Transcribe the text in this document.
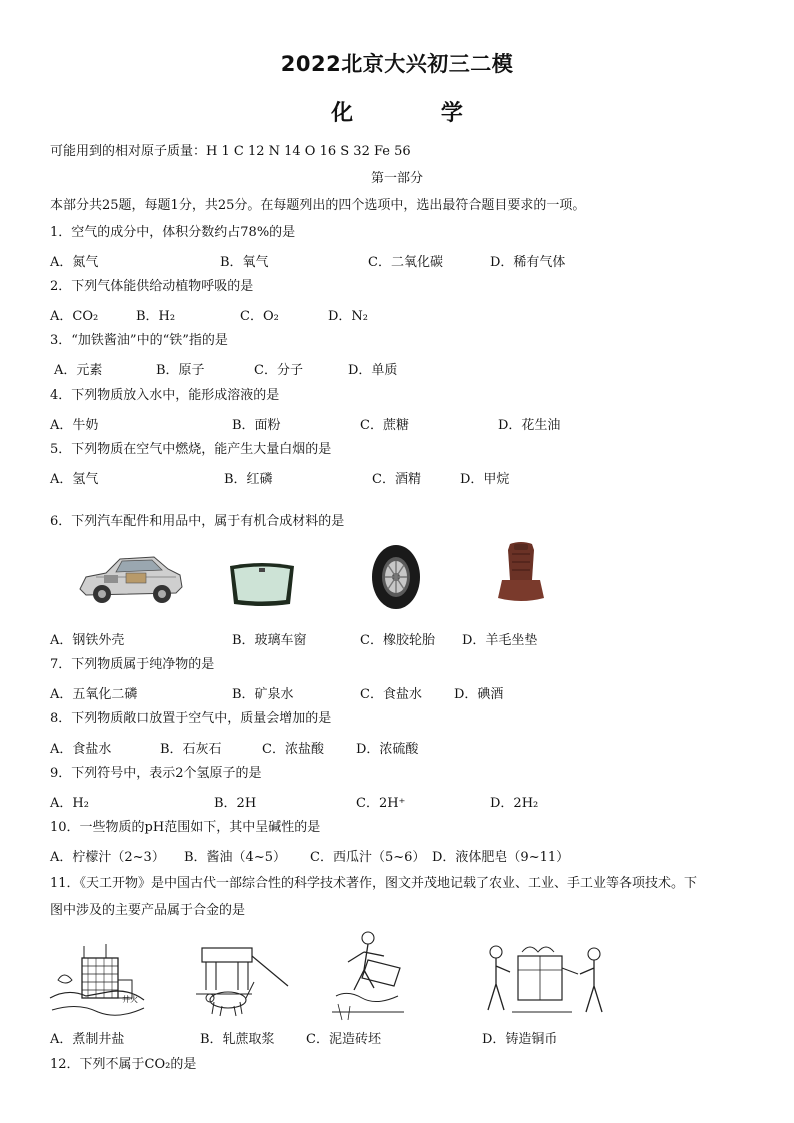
2022北京大兴初三二模
化 学
可能用到的相对原子质量：H 1 C 12 N 14 O 16 S 32 Fe 56
第一部分
本部分共25题，每题1分，共25分。在每题列出的四个选项中，选出最符合题目要求的一项。
1．空气的成分中，体积分数约占78%的是
A．氮气	B．氧气	C．二氧化碳	D．稀有气体
2．下列气体能供给动植物呼吸的是
A．CO₂	B．H₂	C．O₂	D．N₂
3．“加铁酱油”中的“铁”指的是
A．元素	B．原子	C．分子	D．单质
4．下列物质放入水中，能形成溶液的是
A．牛奶	B．面粉	C．蔗糖	D．花生油
5．下列物质在空气中燃烧，能产生大量白烟的是
A．氢气	B．红磷	C．酒精	D．甲烷
6．下列汽车配件和用品中，属于有机合成材料的是
A．钢铁外壳	B．玻璃车窗	C．橡胶轮胎 D．羊毛坐垫
7．下列物质属于纯净物的是
A．五氧化二磷	B．矿泉水	C．食盐水 D．碘酒
8．下列物质敞口放置于空气中，质量会增加的是
A．食盐水	B．石灰石	C．浓盐酸 D．浓硫酸
9．下列符号中，表示2个氢原子的是
A．H₂	B．2H	C．2H⁺	D．2H₂
10．一些物质的pH范围如下，其中呈碱性的是
A．柠檬汁（2~3） B．酱油（4~5） C．西瓜汁（5~6） D．液体肥皂（9~11）
11．《天工开物》是中国古代一部综合性的科学技术著作，图文并茂地记载了农业、工业、手工业等各项技术。下
图中涉及的主要产品属于合金的是
井火
A．煮制井盐	B．轧蔗取浆 C．泥造砖坯	D．铸造铜币
12．下列不属于CO₂的是
